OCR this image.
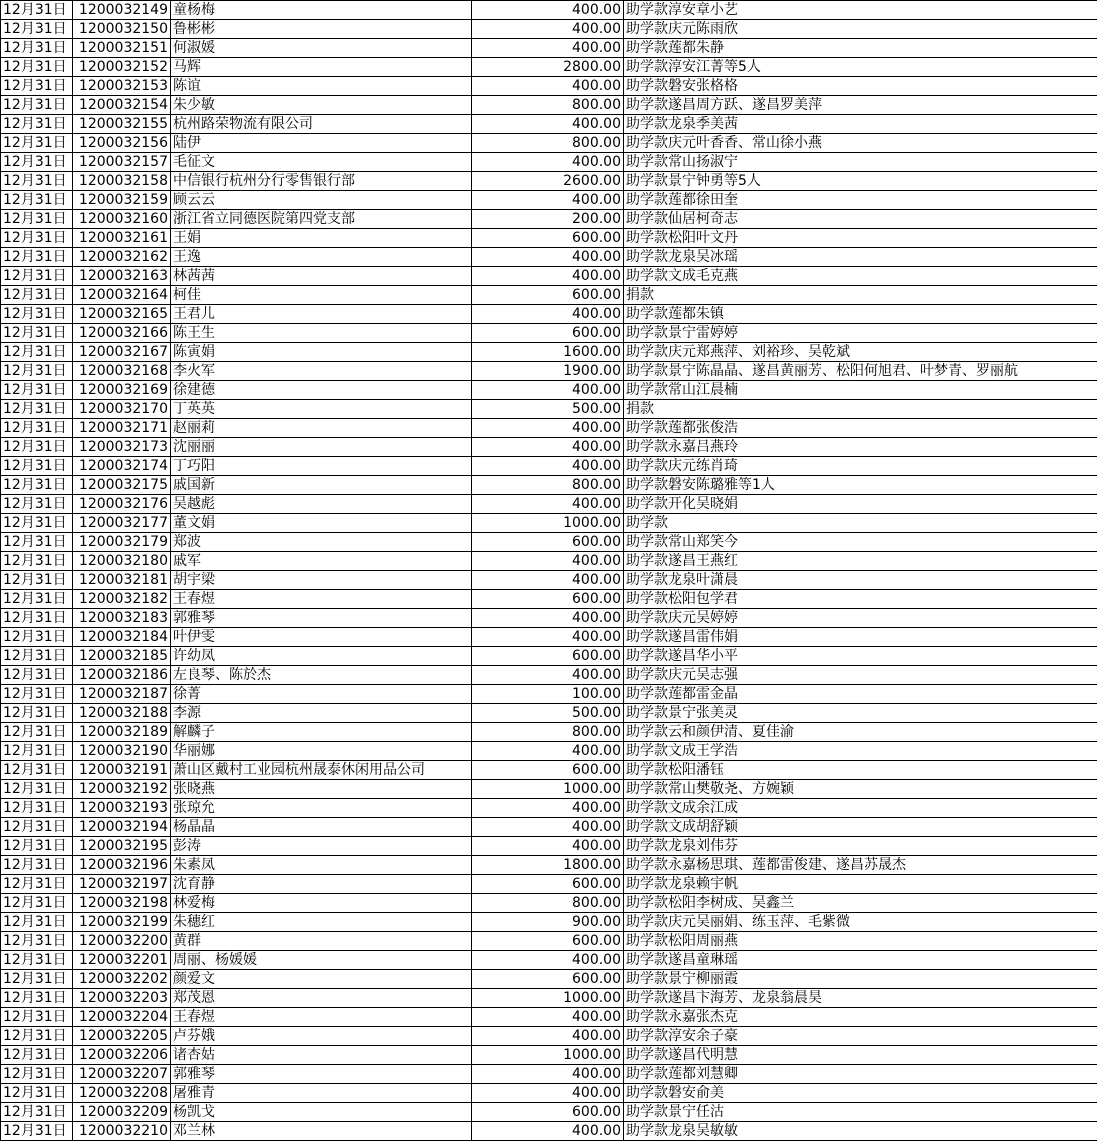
12月31日	1200032149	童杨梅	400.00	助学款淳安章小艺
12月31日	1200032150	鲁彬彬	400.00	助学款庆元陈雨欣
12月31日	1200032151	何淑媛	400.00	助学款莲都朱静
12月31日	1200032152	马辉	2800.00	助学款淳安江菁等5人
12月31日	1200032153	陈谊	400.00	助学款磐安张格格
12月31日	1200032154	朱少敏	800.00	助学款遂昌周方跃、遂昌罗美萍
12月31日	1200032155	杭州路荣物流有限公司	400.00	助学款龙泉季美茜
12月31日	1200032156	陆伊	800.00	助学款庆元叶香香、常山徐小燕
12月31日	1200032157	毛征文	400.00	助学款常山扬淑宁
12月31日	1200032158	中信银行杭州分行零售银行部	2600.00	助学款景宁钟勇等5人
12月31日	1200032159	顾云云	400.00	助学款莲都徐田奎
12月31日	1200032160	浙江省立同德医院第四党支部	200.00	助学款仙居柯奇志
12月31日	1200032161	王娟	600.00	助学款松阳叶文丹
12月31日	1200032162	王逸	400.00	助学款龙泉吴冰瑶
12月31日	1200032163	林茜茜	400.00	助学款文成毛克燕
12月31日	1200032164	柯佳	600.00	捐款
12月31日	1200032165	王君儿	400.00	助学款莲都朱镇
12月31日	1200032166	陈王生	600.00	助学款景宁雷婷婷
12月31日	1200032167	陈寅娟	1600.00	助学款庆元郑燕萍、刘裕珍、吴乾斌
12月31日	1200032168	李火军	1900.00	助学款景宁陈晶晶、遂昌黄丽芳、松阳何旭君、叶梦青、罗丽航
12月31日	1200032169	徐建德	400.00	助学款常山江晨楠
12月31日	1200032170	丁英英	500.00	捐款
12月31日	1200032171	赵丽莉	400.00	助学款莲都张俊浩
12月31日	1200032173	沈丽丽	400.00	助学款永嘉吕燕玲
12月31日	1200032174	丁巧阳	400.00	助学款庆元练肖琦
12月31日	1200032175	戚国新	800.00	助学款磐安陈璐雅等1人
12月31日	1200032176	吴越彪	400.00	助学款开化吴晓娟
12月31日	1200032177	董文娟	1000.00	助学款
12月31日	1200032179	郑波	600.00	助学款常山郑笑今
12月31日	1200032180	戚军	400.00	助学款遂昌王燕红
12月31日	1200032181	胡宇梁	400.00	助学款龙泉叶潇晨
12月31日	1200032182	王春煜	600.00	助学款松阳包学君
12月31日	1200032183	郭雅琴	400.00	助学款庆元吴婷婷
12月31日	1200032184	叶伊雯	400.00	助学款遂昌雷伟娟
12月31日	1200032185	许幼凤	600.00	助学款遂昌华小平
12月31日	1200032186	左良琴、陈於杰	400.00	助学款庆元吴志强
12月31日	1200032187	徐菁	100.00	助学款莲都雷金晶
12月31日	1200032188	李源	500.00	助学款景宁张美灵
12月31日	1200032189	解麟子	800.00	助学款云和颜伊清、夏佳渝
12月31日	1200032190	华丽娜	400.00	助学款文成王学浩
12月31日	1200032191	萧山区戴村工业园杭州晟泰休闲用品公司	600.00	助学款松阳潘钰
12月31日	1200032192	张晓燕	1000.00	助学款常山樊敬尧、方婉颖
12月31日	1200032193	张琼允	400.00	助学款文成余江成
12月31日	1200032194	杨晶晶	400.00	助学款文成胡舒颖
12月31日	1200032195	彭涛	400.00	助学款龙泉刘伟芬
12月31日	1200032196	朱素凤	1800.00	助学款永嘉杨思琪、莲都雷俊建、遂昌苏晟杰
12月31日	1200032197	沈育静	600.00	助学款龙泉赖宇帆
12月31日	1200032198	林爱梅	800.00	助学款松阳李树成、吴鑫兰
12月31日	1200032199	朱穗红	900.00	助学款庆元吴丽娟、练玉萍、毛紫微
12月31日	1200032200	黄群	600.00	助学款松阳周丽燕
12月31日	1200032201	周丽、杨媛媛	400.00	助学款遂昌童琳瑶
12月31日	1200032202	颜爱文	600.00	助学款景宁柳丽霞
12月31日	1200032203	郑茂恩	1000.00	助学款遂昌卞海芳、龙泉翁晨昊
12月31日	1200032204	王春煜	400.00	助学款永嘉张杰克
12月31日	1200032205	卢芬娥	400.00	助学款淳安余子豪
12月31日	1200032206	诸杏姑	1000.00	助学款遂昌代明慧
12月31日	1200032207	郭雅琴	400.00	助学款莲都刘慧卿
12月31日	1200032208	屠雅青	400.00	助学款磐安俞美
12月31日	1200032209	杨凯戈	600.00	助学款景宁任沽
12月31日	1200032210	邓兰林	400.00	助学款龙泉吴敏敏
